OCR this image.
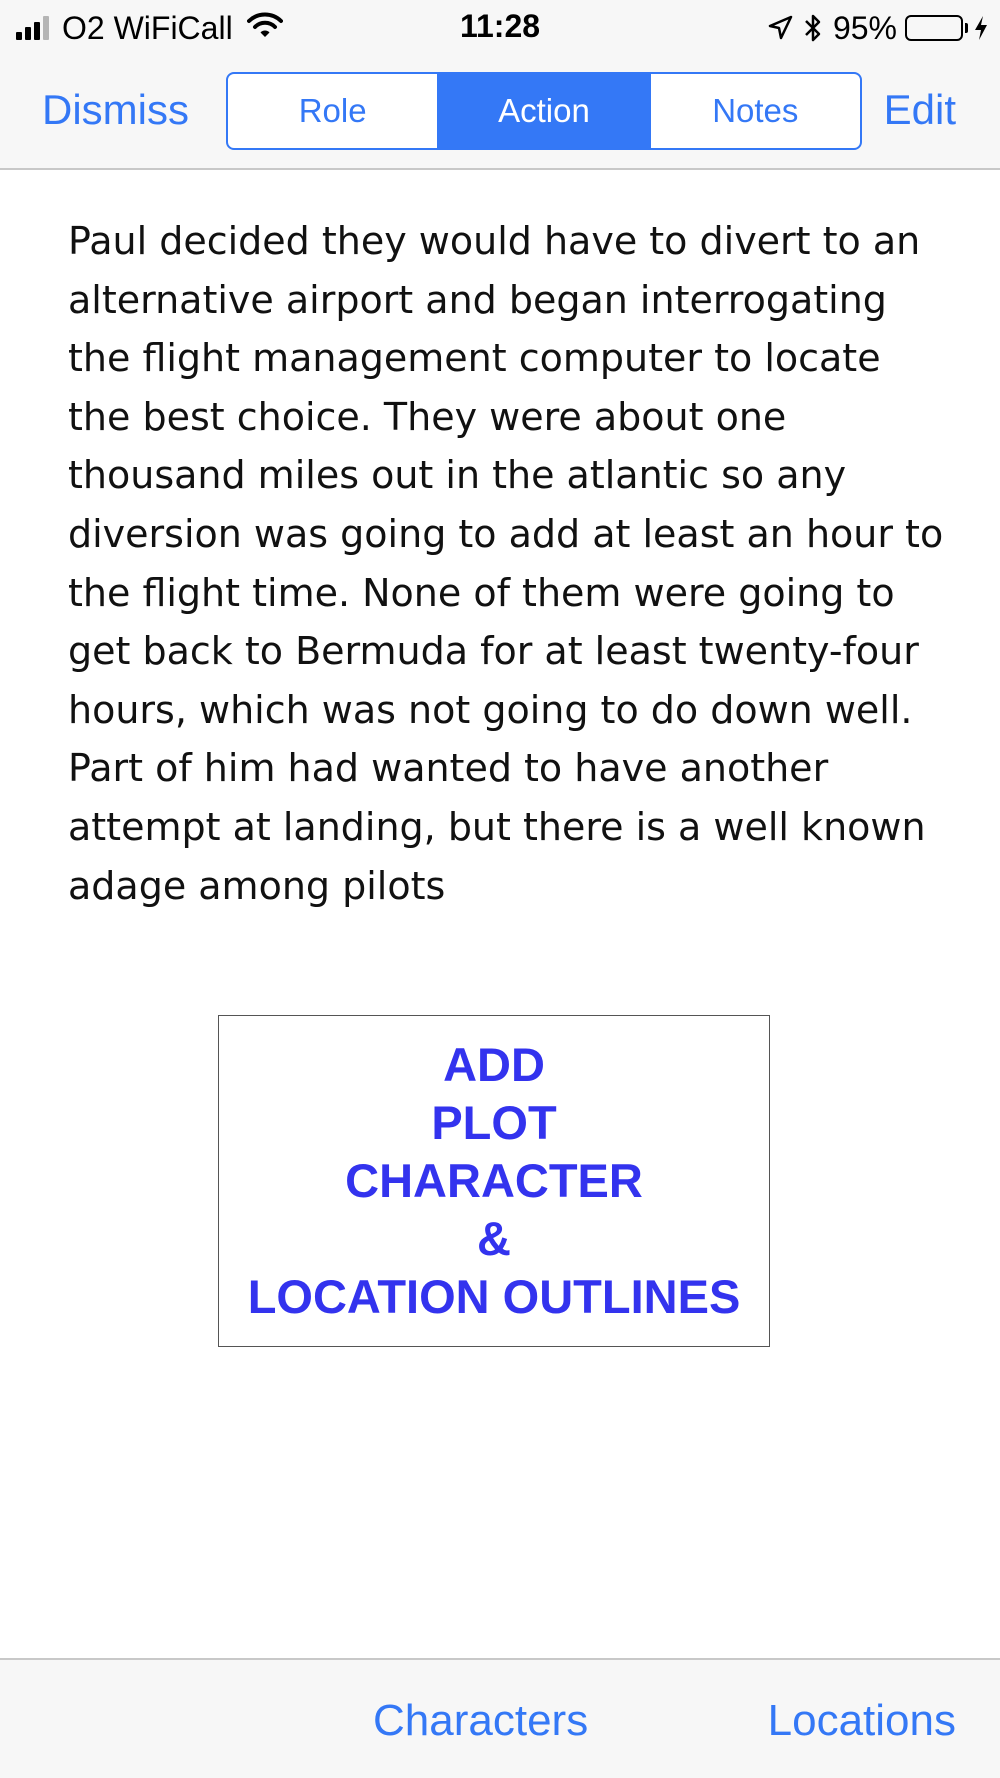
O2 WiFiCall	11:28	95%
Dismiss	Role	Action	Notes	Edit

Paul decided they would have to divert to an alternative airport and began interrogating the flight management computer to locate the best choice. They were about one thousand miles out in the atlantic so any diversion was going to add at least an hour to the flight time. None of them were going to get back to Bermuda for at least twenty-four hours, which was not going to do down well. Part of him had wanted to have another attempt at landing, but there is a well known adage among pilots

ADD
PLOT
CHARACTER
&
LOCATION OUTLINES
Characters	Locations
